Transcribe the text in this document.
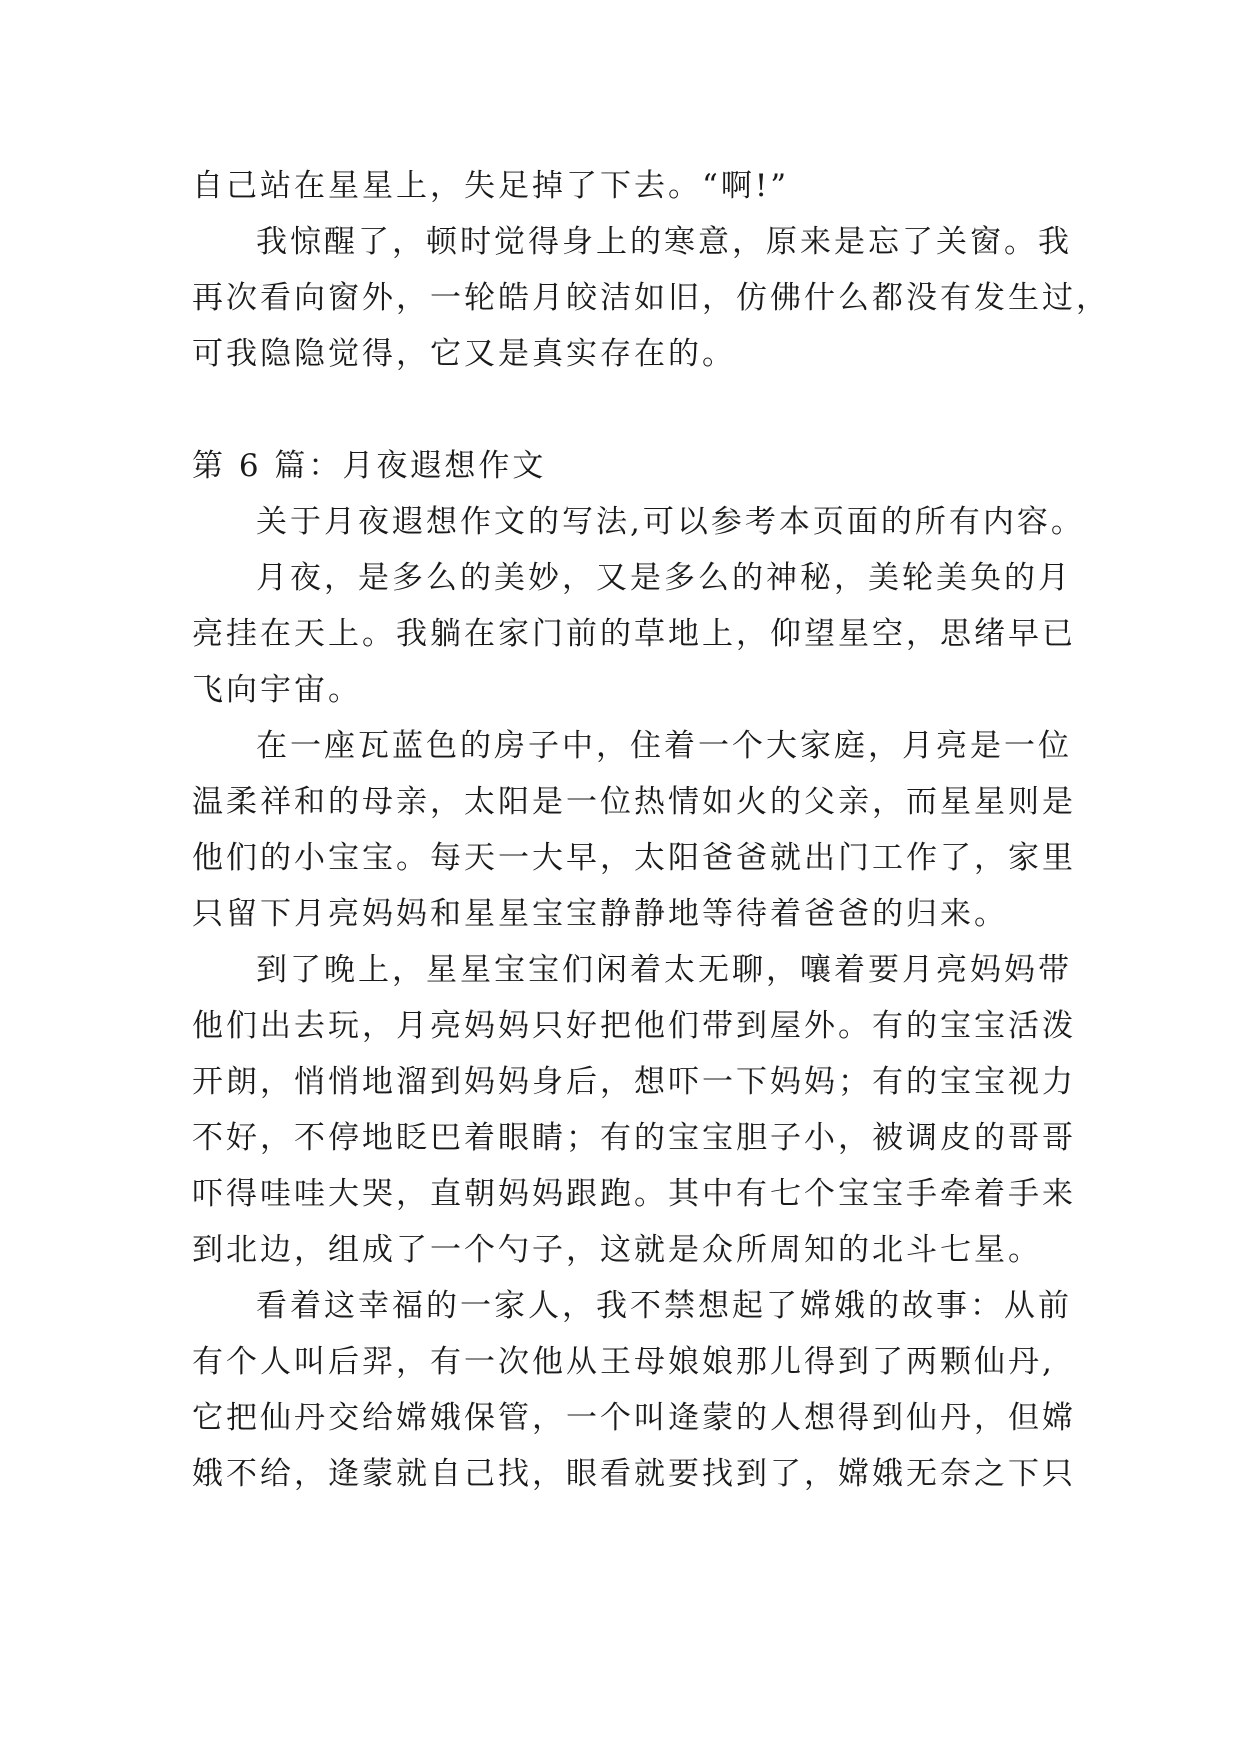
自己站在星星上，失足掉了下去。“啊!”
我惊醒了，顿时觉得身上的寒意，原来是忘了关窗。我
再次看向窗外，一轮皓月皎洁如旧，仿佛什么都没有发生过，
可我隐隐觉得，它又是真实存在的。
第 6 篇：月夜遐想作文
关于月夜遐想作文的写法,可以参考本页面的所有内容。
月夜，是多么的美妙，又是多么的神秘，美轮美奂的月
亮挂在天上。我躺在家门前的草地上，仰望星空，思绪早已
飞向宇宙。
在一座瓦蓝色的房子中，住着一个大家庭，月亮是一位
温柔祥和的母亲，太阳是一位热情如火的父亲，而星星则是
他们的小宝宝。每天一大早，太阳爸爸就出门工作了，家里
只留下月亮妈妈和星星宝宝静静地等待着爸爸的归来。
到了晚上，星星宝宝们闲着太无聊，嚷着要月亮妈妈带
他们出去玩，月亮妈妈只好把他们带到屋外。有的宝宝活泼
开朗，悄悄地溜到妈妈身后，想吓一下妈妈；有的宝宝视力
不好，不停地眨巴着眼睛；有的宝宝胆子小，被调皮的哥哥
吓得哇哇大哭，直朝妈妈跟跑。其中有七个宝宝手牵着手来
到北边，组成了一个勺子，这就是众所周知的北斗七星。
看着这幸福的一家人，我不禁想起了嫦娥的故事：从前
有个人叫后羿，有一次他从王母娘娘那儿得到了两颗仙丹,
它把仙丹交给嫦娥保管，一个叫逄蒙的人想得到仙丹，但嫦
娥不给，逄蒙就自己找，眼看就要找到了，嫦娥无奈之下只
